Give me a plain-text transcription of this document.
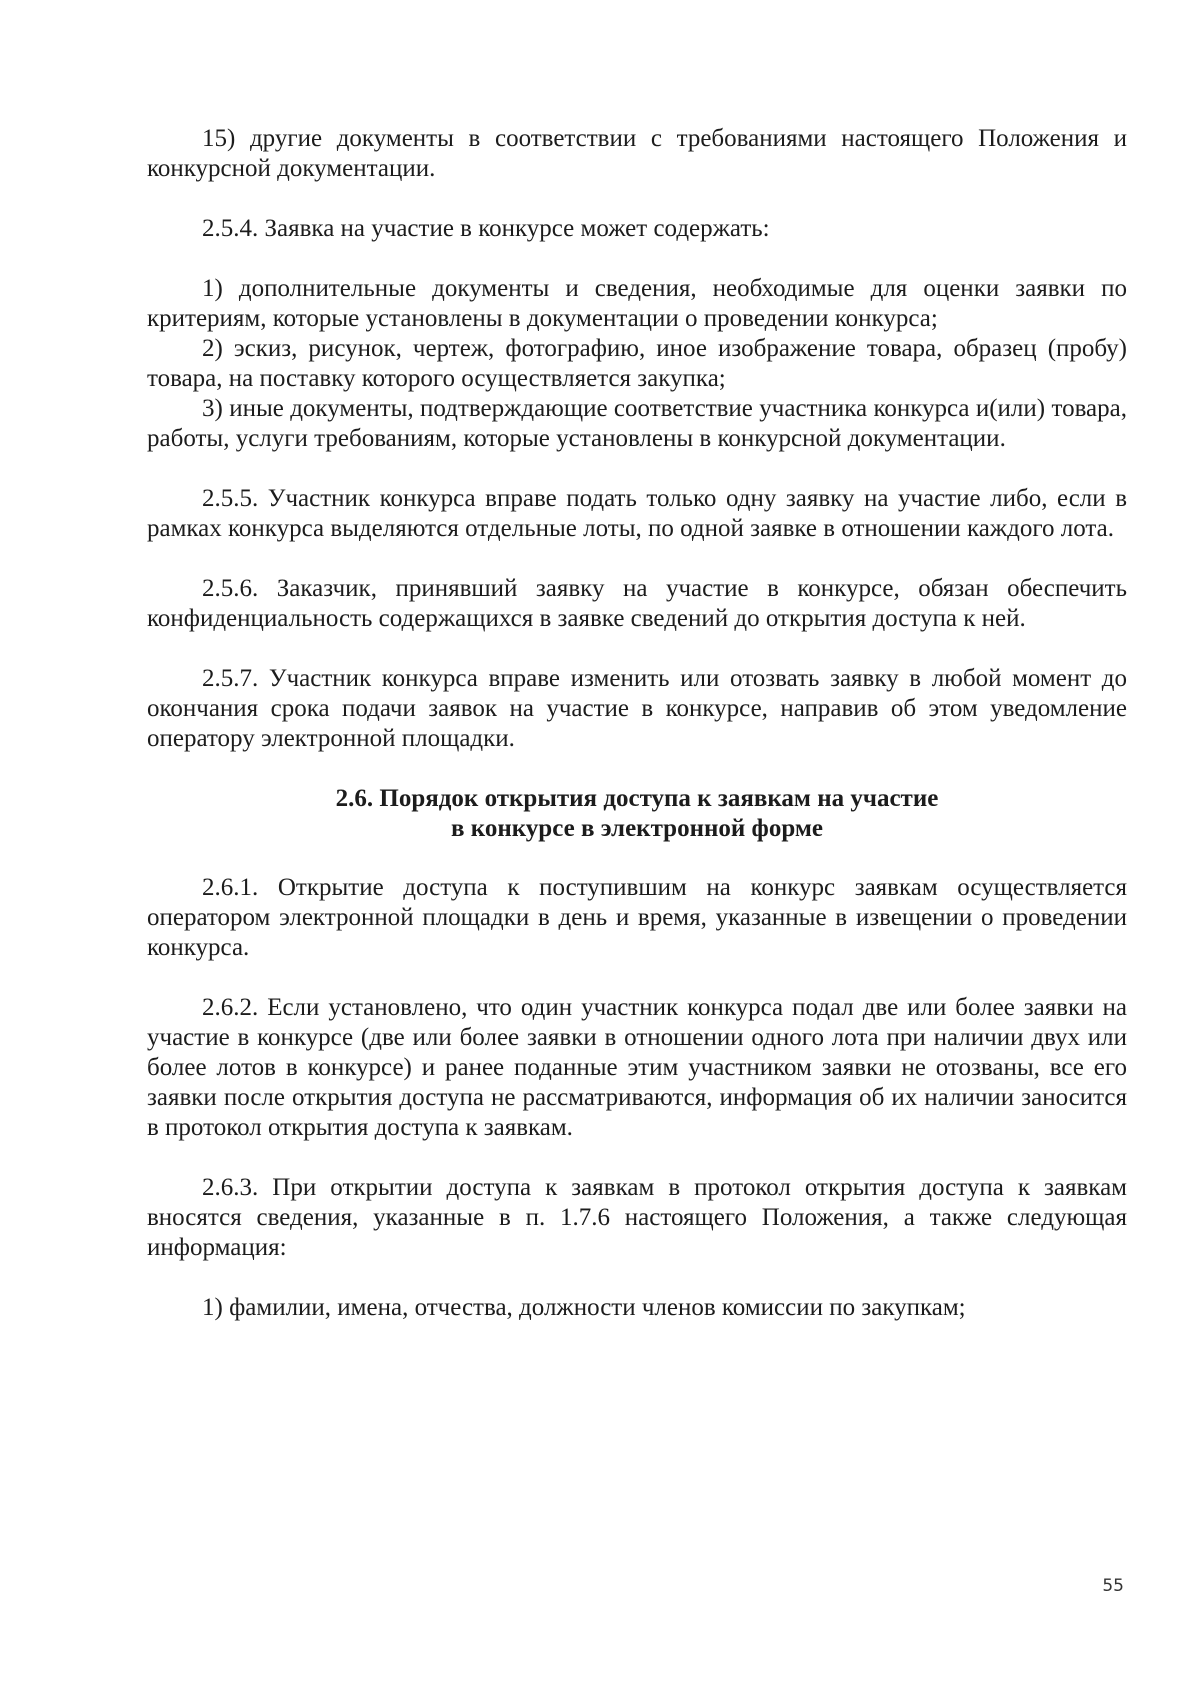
15) другие документы в соответствии с требованиями настоящего Положения и конкурсной документации.

2.5.4. Заявка на участие в конкурсе может содержать:

1) дополнительные документы и сведения, необходимые для оценки заявки по критериям, которые установлены в документации о проведении конкурса;

2) эскиз, рисунок, чертеж, фотографию, иное изображение товара, образец (пробу) товара, на поставку которого осуществляется закупка;

3) иные документы, подтверждающие соответствие участника конкурса и(или) товара, работы, услуги требованиям, которые установлены в конкурсной документации.

2.5.5. Участник конкурса вправе подать только одну заявку на участие либо, если в рамках конкурса выделяются отдельные лоты, по одной заявке в отношении каждого лота.

2.5.6. Заказчик, принявший заявку на участие в конкурсе, обязан обеспечить конфиденциальность содержащихся в заявке сведений до открытия доступа к ней.

2.5.7. Участник конкурса вправе изменить или отозвать заявку в любой момент до окончания срока подачи заявок на участие в конкурсе, направив об этом уведомление оператору электронной площадки.

2.6. Порядок открытия доступа к заявкам на участие
в конкурсе в электронной форме

2.6.1. Открытие доступа к поступившим на конкурс заявкам осуществляется оператором электронной площадки в день и время, указанные в извещении о проведении конкурса.

2.6.2. Если установлено, что один участник конкурса подал две или более заявки на участие в конкурсе (две или более заявки в отношении одного лота при наличии двух или более лотов в конкурсе) и ранее поданные этим участником заявки не отозваны, все его заявки после открытия доступа не рассматриваются, информация об их наличии заносится в протокол открытия доступа к заявкам.

2.6.3. При открытии доступа к заявкам в протокол открытия доступа к заявкам вносятся сведения, указанные в п. 1.7.6 настоящего Положения, а также следующая информация:

1) фамилии, имена, отчества, должности членов комиссии по закупкам;

55
